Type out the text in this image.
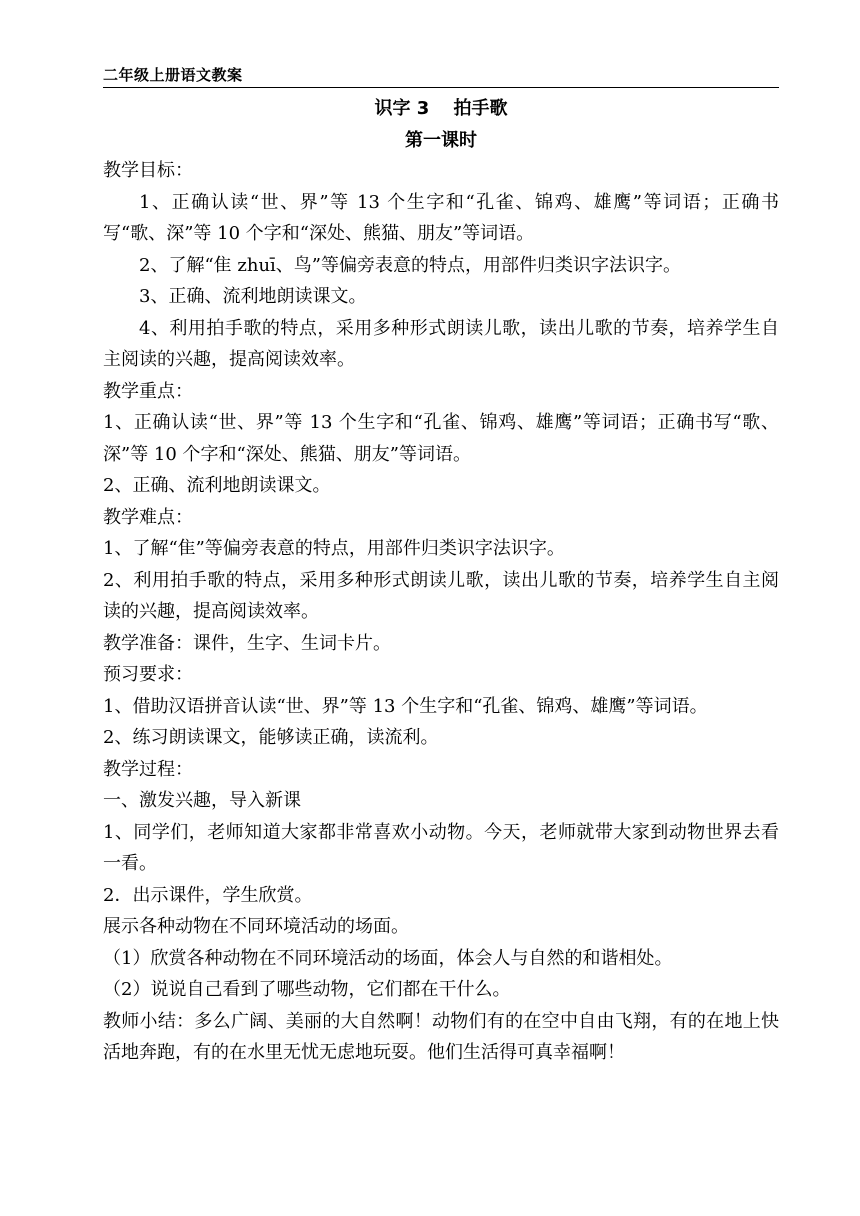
二年级上册语文教案
识字 3　 拍手歌
第一课时

教学目标：

1、正确认读“世、界”等 13 个生字和“孔雀、锦鸡、雄鹰”等词语；正确书写“歌、深”等 10 个字和“深处、熊猫、朋友”等词语。

2、了解“隹 zhuī、鸟”等偏旁表意的特点，用部件归类识字法识字。

3、正确、流利地朗读课文。

4、利用拍手歌的特点，采用多种形式朗读儿歌，读出儿歌的节奏，培养学生自主阅读的兴趣，提高阅读效率。

教学重点：

1、正确认读“世、界”等 13 个生字和“孔雀、锦鸡、雄鹰”等词语；正确书写“歌、深”等 10 个字和“深处、熊猫、朋友”等词语。

2、正确、流利地朗读课文。

教学难点：

1、了解“隹”等偏旁表意的特点，用部件归类识字法识字。

2、利用拍手歌的特点，采用多种形式朗读儿歌，读出儿歌的节奏，培养学生自主阅读的兴趣，提高阅读效率。

教学准备：课件，生字、生词卡片。

预习要求：

1、借助汉语拼音认读“世、界”等 13 个生字和“孔雀、锦鸡、雄鹰”等词语。

2、练习朗读课文，能够读正确，读流利。

教学过程：

一、激发兴趣，导入新课

1、同学们，老师知道大家都非常喜欢小动物。今天，老师就带大家到动物世界去看一看。

2．出示课件，学生欣赏。

展示各种动物在不同环境活动的场面。

（1）欣赏各种动物在不同环境活动的场面，体会人与自然的和谐相处。

（2）说说自己看到了哪些动物，它们都在干什么。

教师小结：多么广阔、美丽的大自然啊！动物们有的在空中自由飞翔，有的在地上快活地奔跑，有的在水里无忧无虑地玩耍。他们生活得可真幸福啊！
